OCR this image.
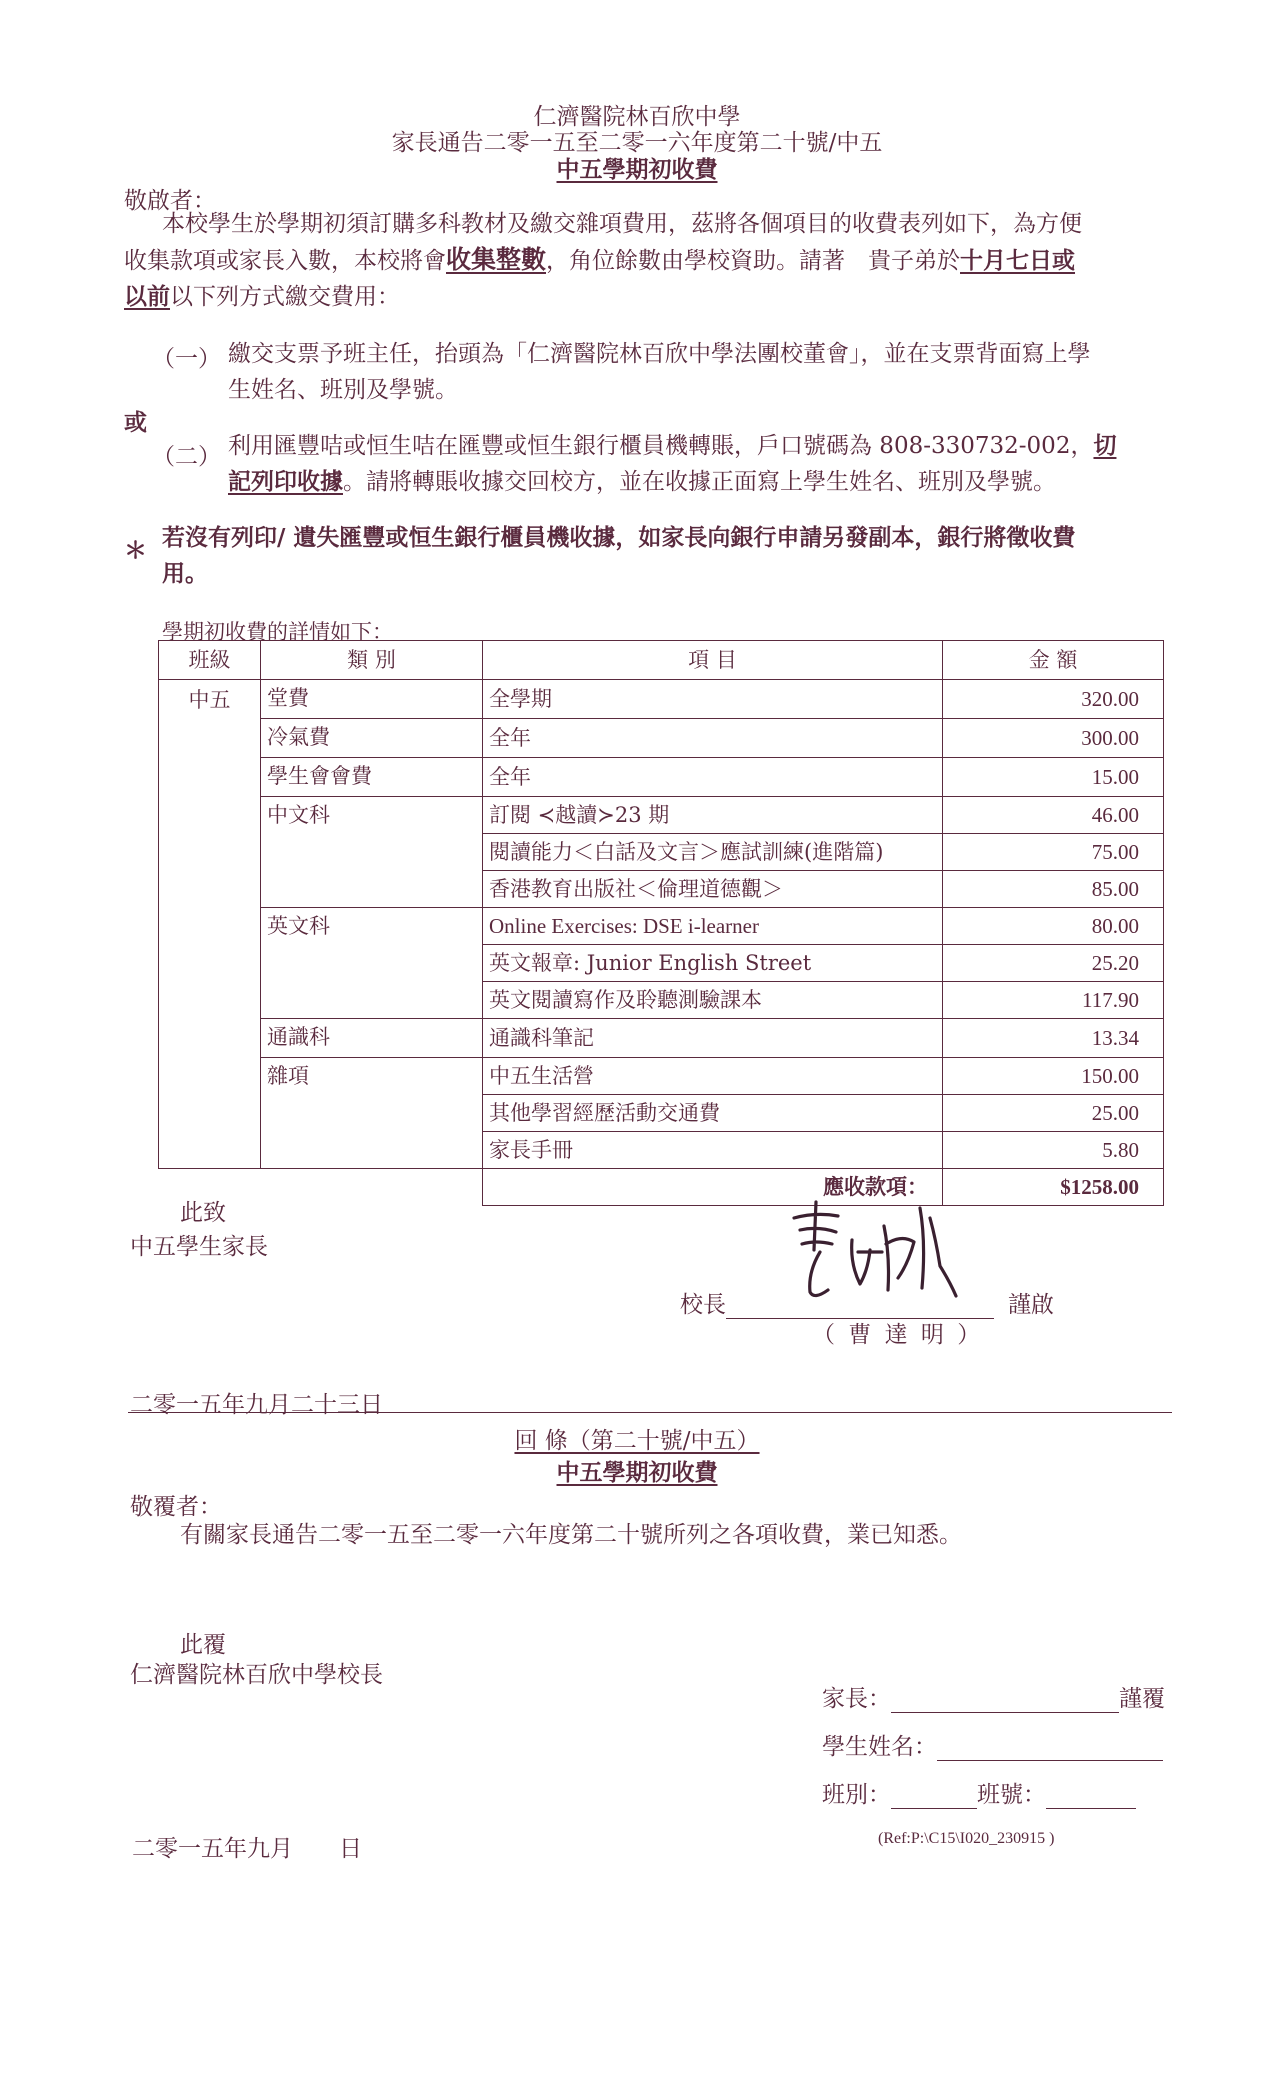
仁濟醫院林百欣中學
家長通告二零一五至二零一六年度第二十號/中五
中五學期初收費
敬啟者：
本校學生於學期初須訂購多科教材及繳交雜項費用，茲將各個項目的收費表列如下，為方便
收集款項或家長入數，本校將會收集整數，角位餘數由學校資助。請著　貴子弟於十月七日或
以前以下列方式繳交費用：
（一） 繳交支票予班主任，抬頭為「仁濟醫院林百欣中學法團校董會」，並在支票背面寫上學
生姓名、班別及學號。
或
（二） 利用匯豐咭或恒生咭在匯豐或恒生銀行櫃員機轉賬，戶口號碼為 808-330732-002，切
記列印收據。請將轉賬收據交回校方，並在收據正面寫上學生姓名、班別及學號。
＊ 若沒有列印/ 遺失匯豐或恒生銀行櫃員機收據，如家長向銀行申請另發副本，銀行將徵收費
用。
學期初收費的詳情如下：
班級	類 別	項 目	金 額
中五	堂費	全學期	320.00
	冷氣費	全年	300.00
	學生會會費	全年	15.00
	中文科	訂閱 ≺越讀≻23 期	46.00
		閱讀能力＜白話及文言＞應試訓練(進階篇)	75.00
		香港教育出版社＜倫理道德觀＞	85.00
	英文科	Online Exercises: DSE i-learner	80.00
		英文報章: Junior English Street	25.20
		英文閱讀寫作及聆聽測驗課本	117.90
	通識科	通識科筆記	13.34
	雜項	中五生活營	150.00
		其他學習經歷活動交通費	25.00
		家長手冊	5.80
		應收款項：	$1258.00
此致
中五學生家長
校長	謹啟
（ 曹 達 明 ）
二零一五年九月二十三日
回 條（第二十號/中五）
中五學期初收費
敬覆者：
有關家長通告二零一五至二零一六年度第二十號所列之各項收費，業已知悉。
此覆
仁濟醫院林百欣中學校長
家長：	謹覆
學生姓名：
班別：	班號：
二零一五年九月　　日	(Ref:P:\C15\I020_230915 )
